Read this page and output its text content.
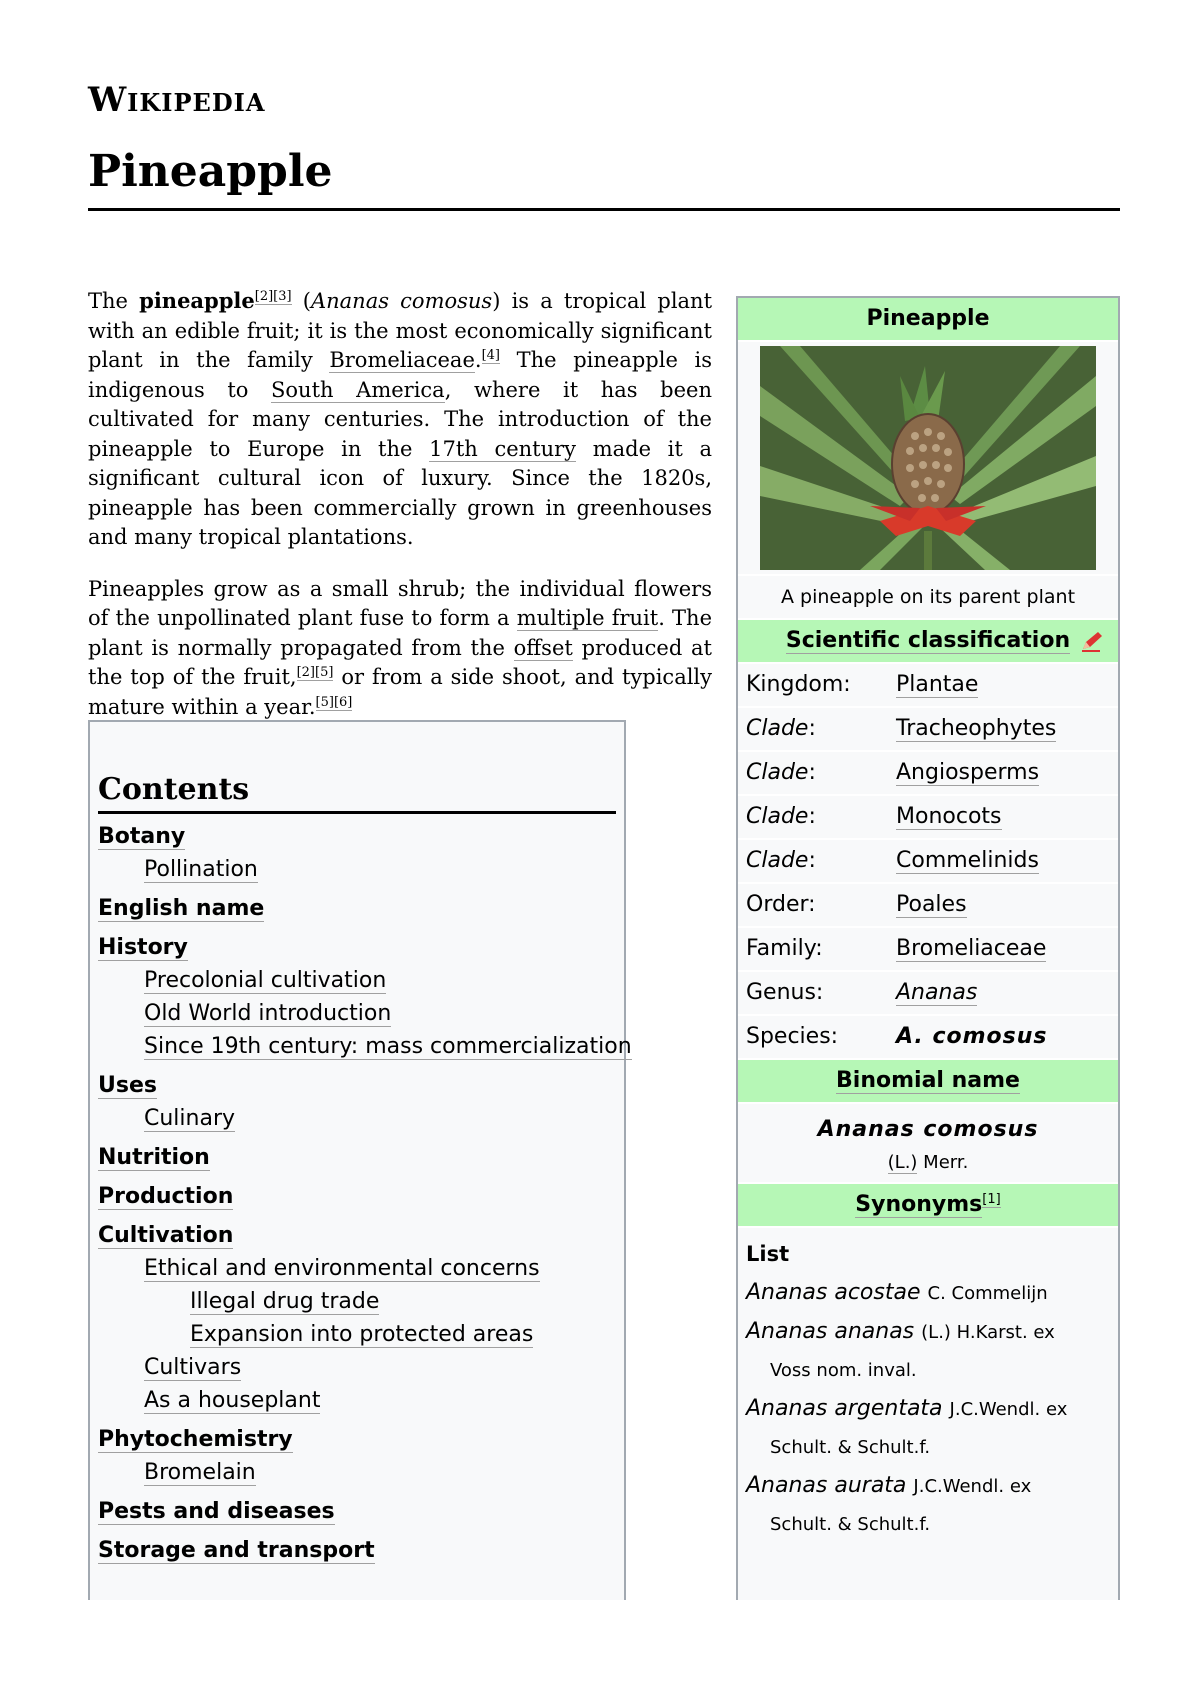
Wikipedia
Pineapple

The pineapple[2][3] (Ananas comosus) is a tropical plant with an edible fruit; it is the most economically significant plant in the family Bromeliaceae.[4] The pineapple is indigenous to South America, where it has been cultivated for many centuries. The introduction of the pineapple to Europe in the 17th century made it a significant cultural icon of luxury. Since the 1820s, pineapple has been commercially grown in greenhouses and many tropical plantations.

Pineapples grow as a small shrub; the individual flowers of the unpollinated plant fuse to form a multiple fruit. The plant is normally propagated from the offset produced at the top of the fruit,[2][5] or from a side shoot, and typically mature within a year.[5][6]

Contents
Botany
Pollination
English name
History
Precolonial cultivation
Old World introduction
Since 19th century: mass commercialization
Uses
Culinary
Nutrition
Production
Cultivation
Ethical and environmental concerns
Illegal drug trade
Expansion into protected areas
Cultivars
As a houseplant
Phytochemistry
Bromelain
Pests and diseases
Storage and transport
Pineapple
A pineapple on its parent plant
Scientific classification
Kingdom:	Plantae
Clade:	Tracheophytes
Clade:	Angiosperms
Clade:	Monocots
Clade:	Commelinids
Order:	Poales
Family:	Bromeliaceae
Genus:	Ananas
Species:	A. comosus
Binomial name
Ananas comosus
(L.) Merr.
Synonyms[1]
List
Ananas acostae C. Commelijn
Ananas ananas (L.) H.Karst. ex
Voss nom. inval.
Ananas argentata J.C.Wendl. ex
Schult. & Schult.f.
Ananas aurata J.C.Wendl. ex
Schult. & Schult.f.
